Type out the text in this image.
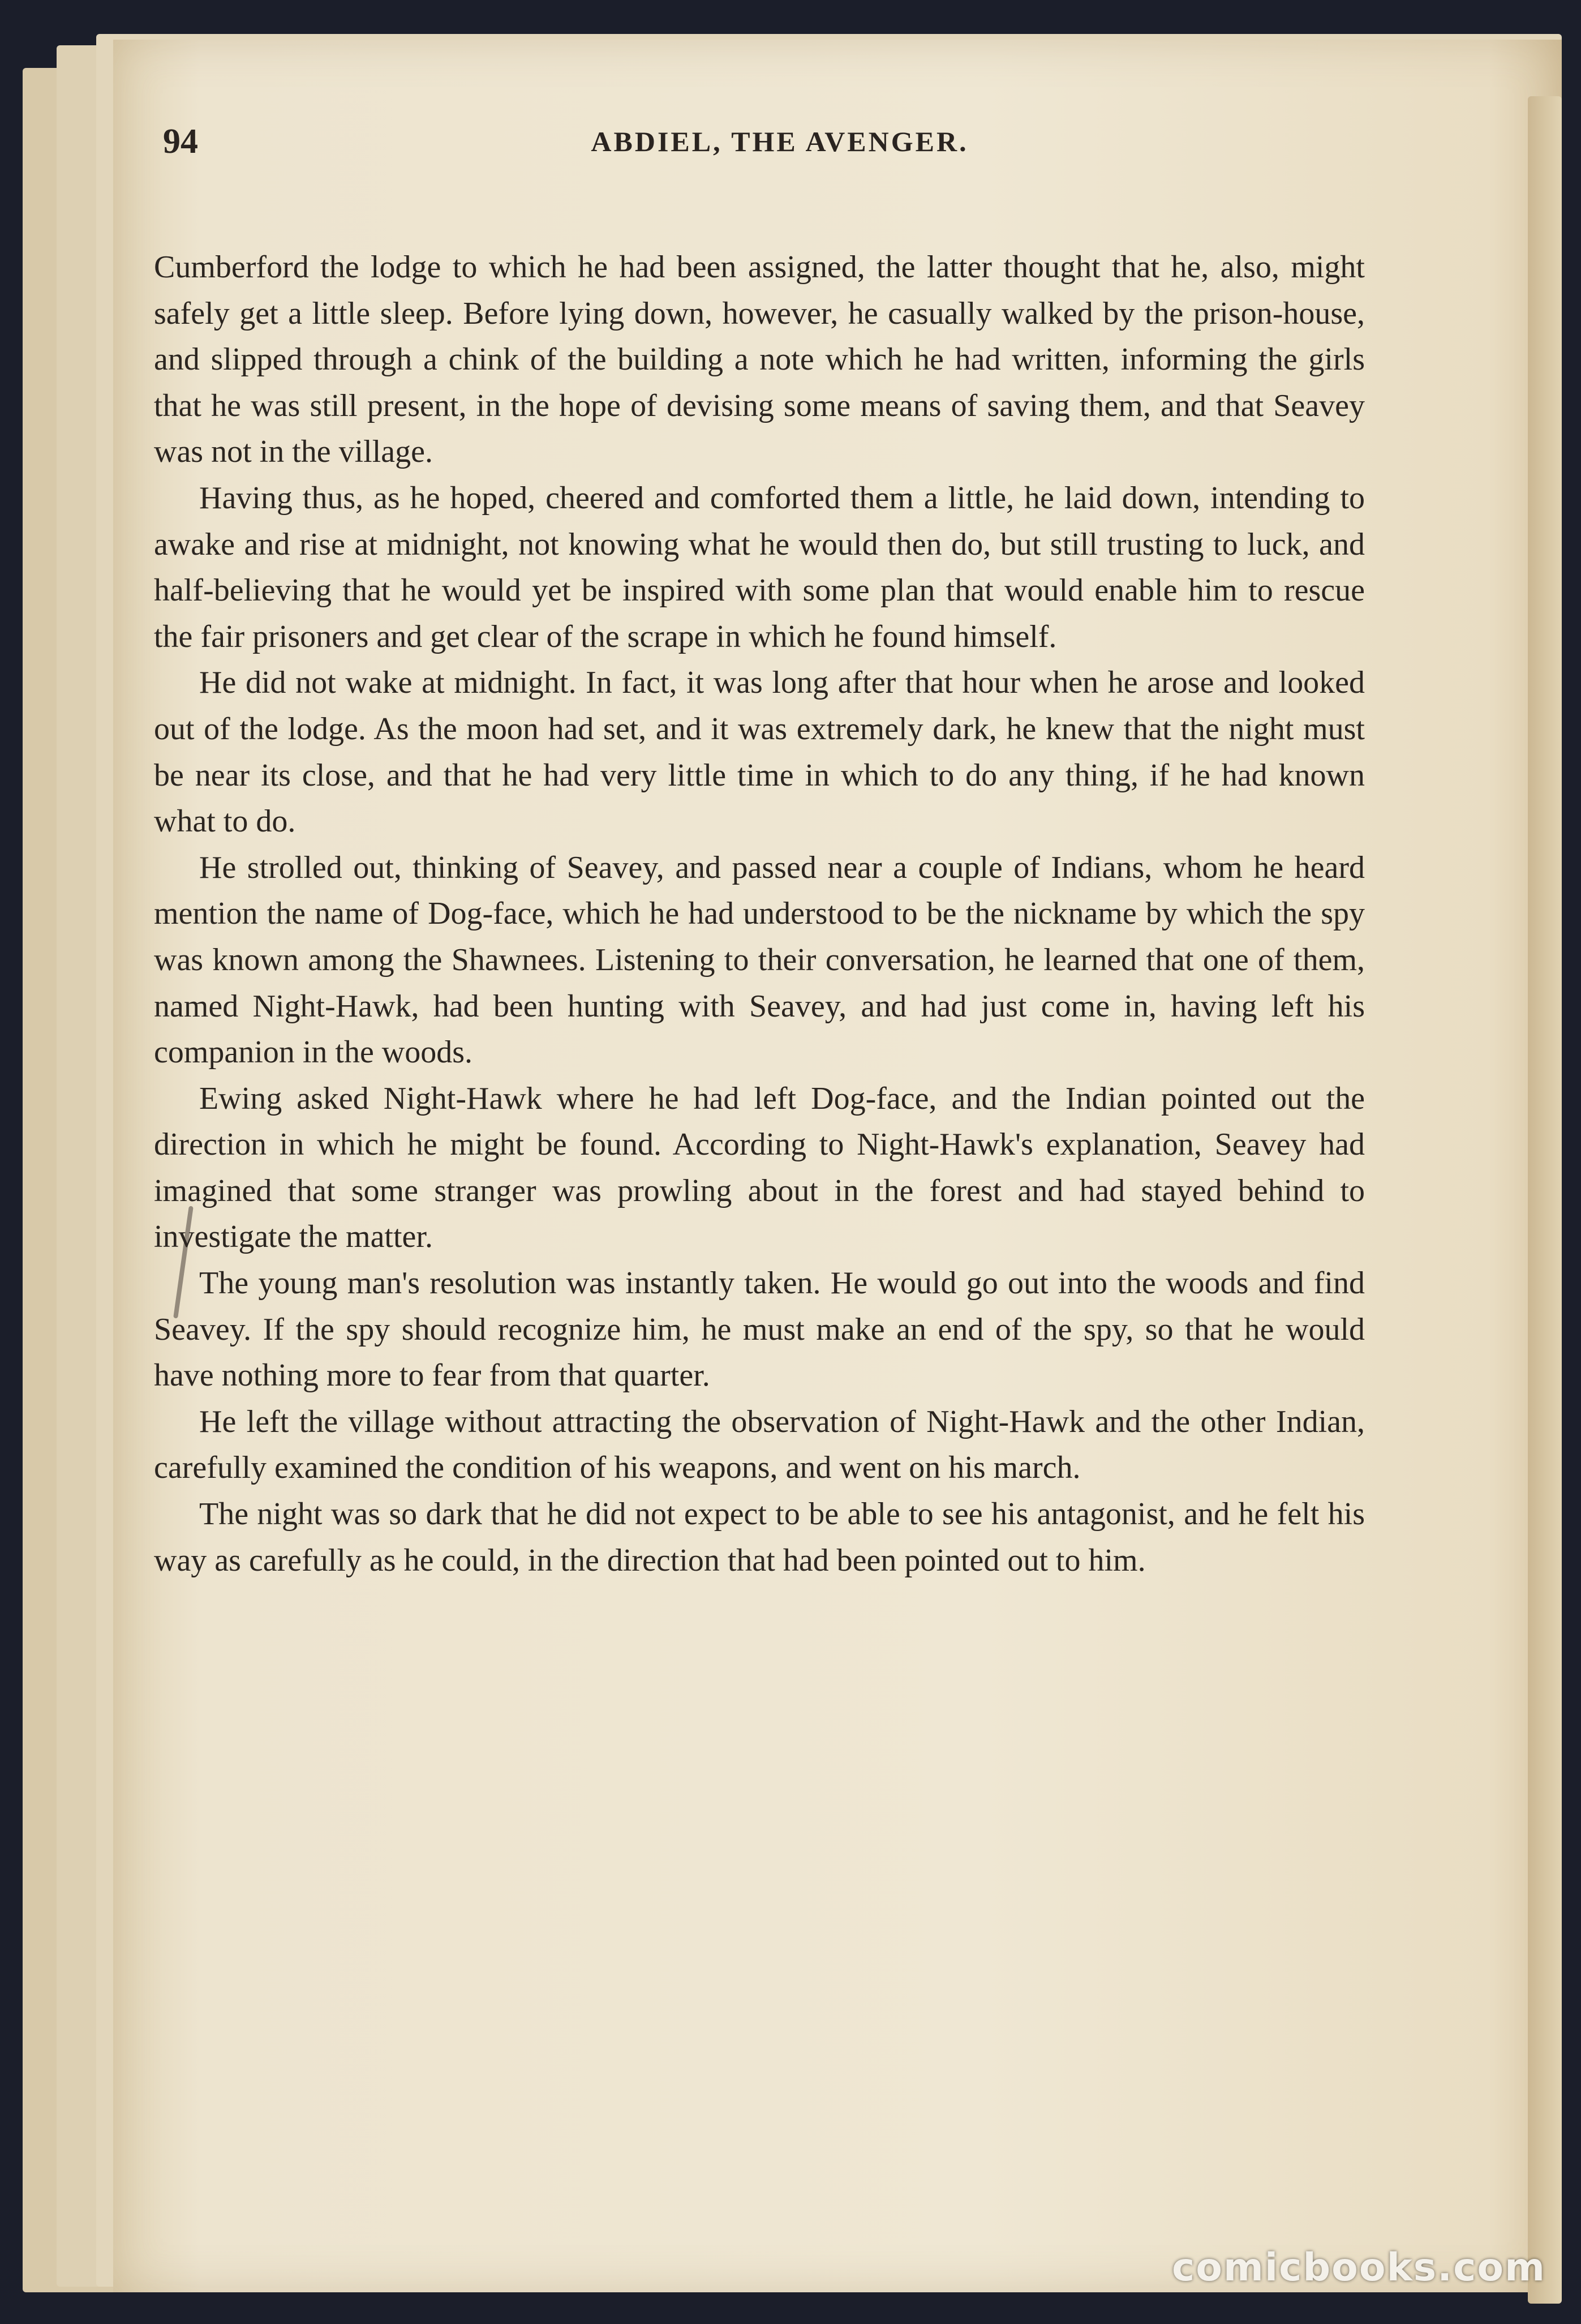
94	ABDIEL, THE AVENGER.

Cumberford the lodge to which he had been assigned, the latter thought that he, also, might safely get a little sleep. Before lying down, however, he casually walked by the prison-house, and slipped through a chink of the building a note which he had written, informing the girls that he was still present, in the hope of devising some means of saving them, and that Seavey was not in the village.

Having thus, as he hoped, cheered and comforted them a little, he laid down, intending to awake and rise at midnight, not knowing what he would then do, but still trusting to luck, and half-believing that he would yet be inspired with some plan that would enable him to rescue the fair prisoners and get clear of the scrape in which he found himself.

He did not wake at midnight. In fact, it was long after that hour when he arose and looked out of the lodge. As the moon had set, and it was extremely dark, he knew that the night must be near its close, and that he had very little time in which to do any thing, if he had known what to do.

He strolled out, thinking of Seavey, and passed near a couple of Indians, whom he heard mention the name of Dog-face, which he had understood to be the nickname by which the spy was known among the Shawnees. Listening to their conversation, he learned that one of them, named Night-Hawk, had been hunting with Seavey, and had just come in, having left his companion in the woods.

Ewing asked Night-Hawk where he had left Dog-face, and the Indian pointed out the direction in which he might be found. According to Night-Hawk's explanation, Seavey had imagined that some stranger was prowling about in the forest and had stayed behind to investigate the matter.

The young man's resolution was instantly taken. He would go out into the woods and find Seavey. If the spy should recognize him, he must make an end of the spy, so that he would have nothing more to fear from that quarter.

He left the village without attracting the observation of Night-Hawk and the other Indian, carefully examined the condition of his weapons, and went on his march.

The night was so dark that he did not expect to be able to see his antagonist, and he felt his way as carefully as he could, in the direction that had been pointed out to him.

comicbooks.com
